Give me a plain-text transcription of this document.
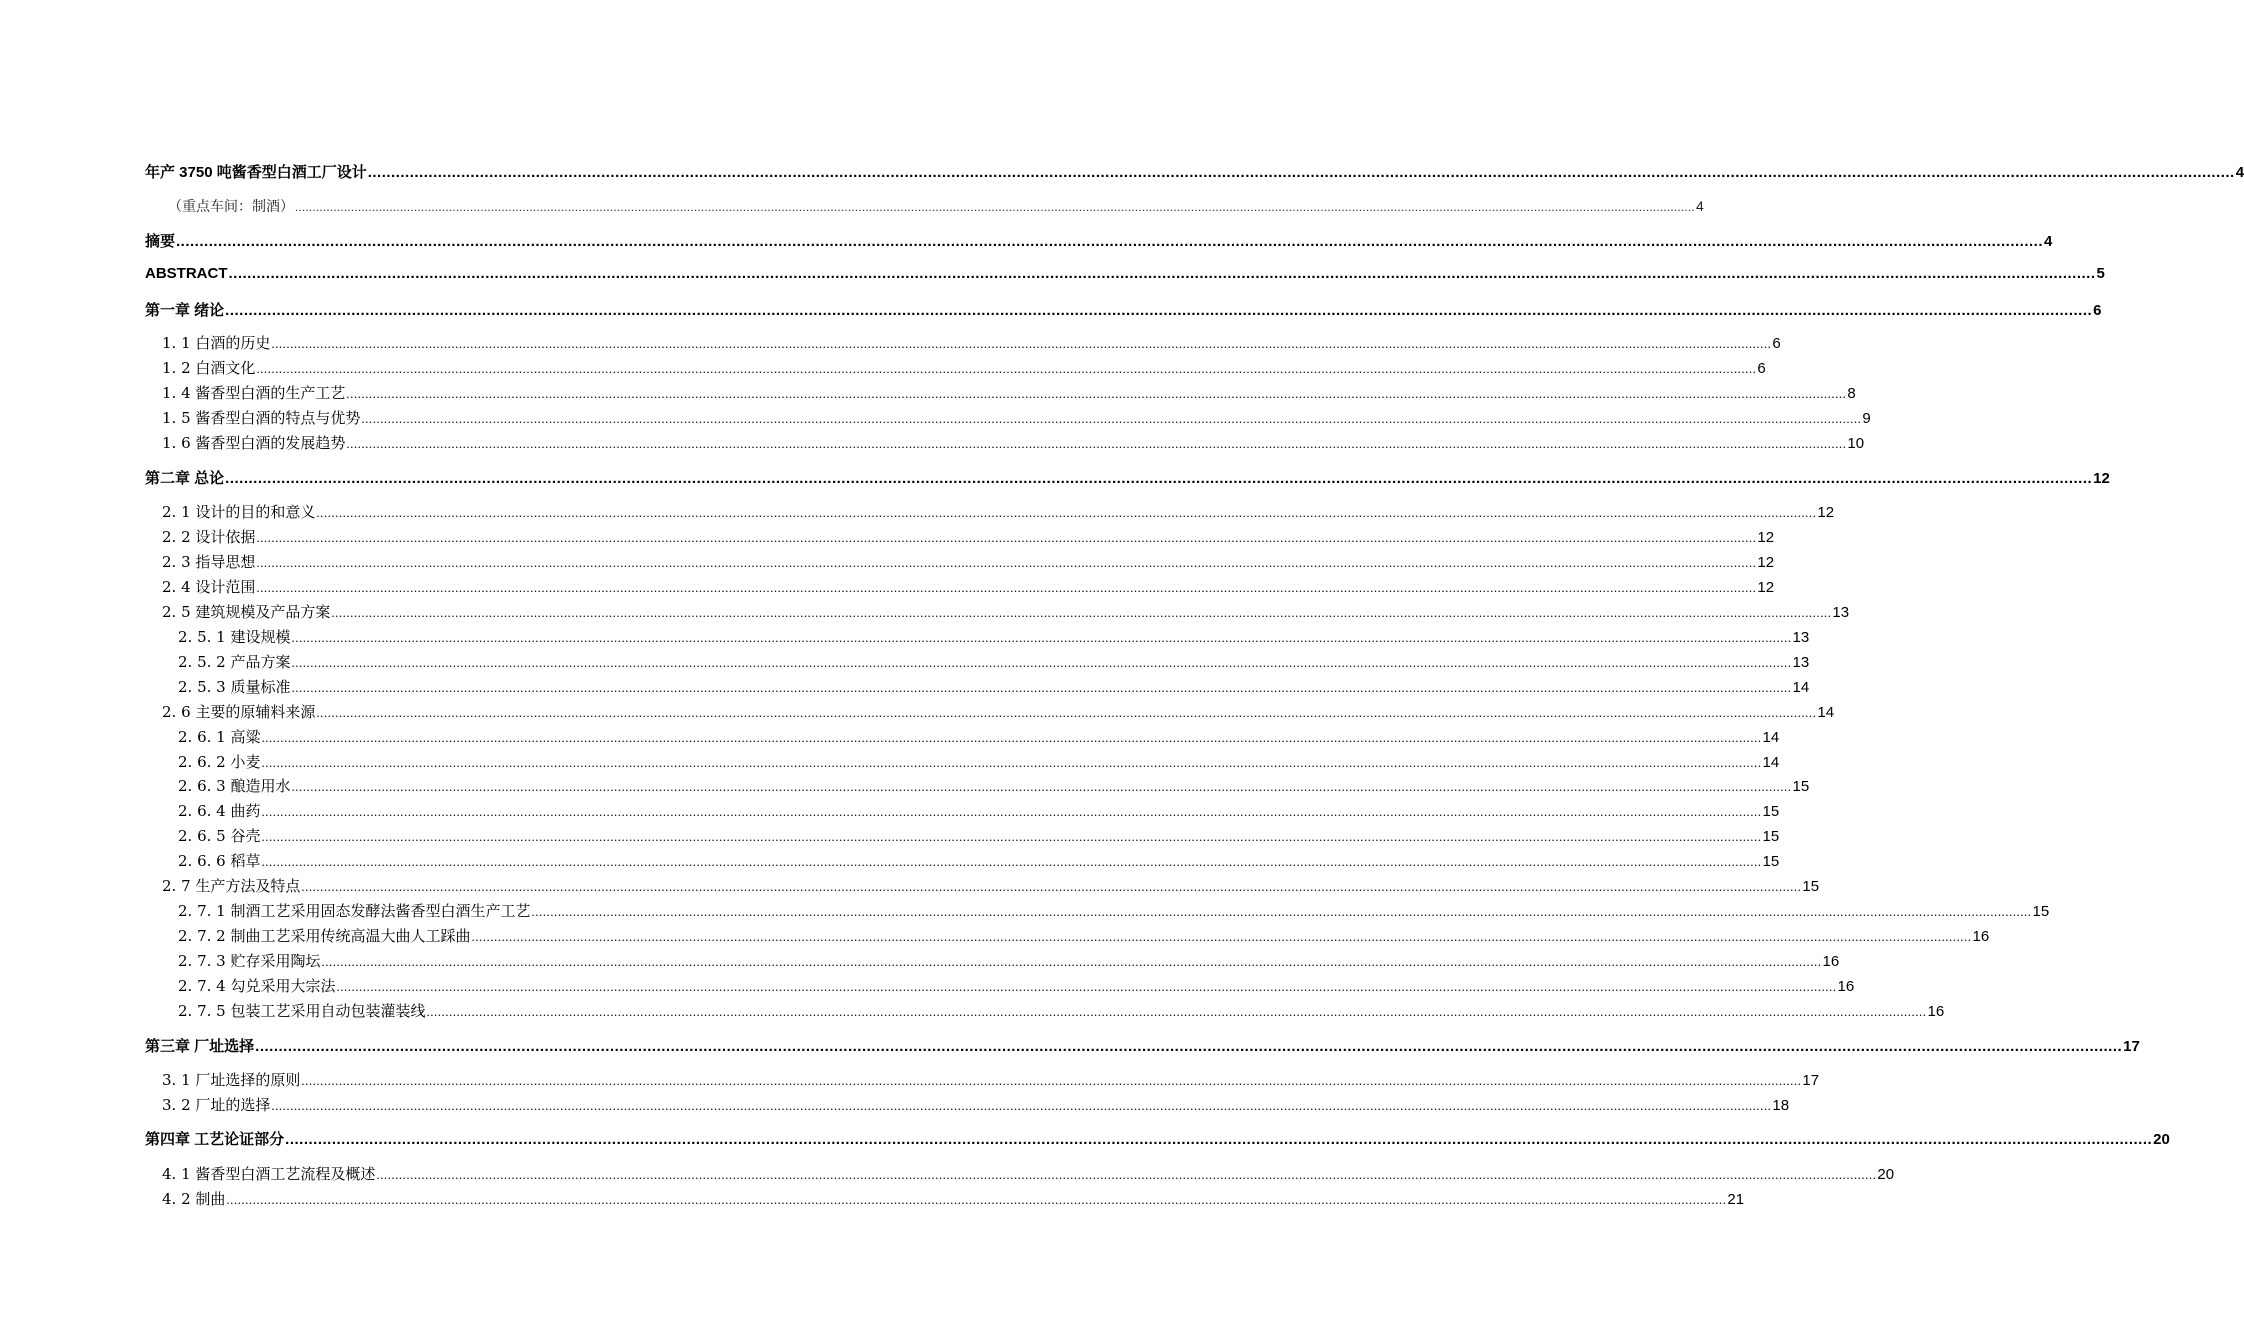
年产 3750 吨酱香型白酒工厂设计 ................................................................................................................................................................................................................................................................................................................................................................................................................ 4
（重点车间：制酒） ................................................................................................................................................................................................................................................................................................................................................................................................................ 4
摘要 ................................................................................................................................................................................................................................................................................................................................................................................................................ 4
ABSTRACT ................................................................................................................................................................................................................................................................................................................................................................................................................ 5
第一章 绪论 ................................................................................................................................................................................................................................................................................................................................................................................................................ 6
1. 1 白酒的历史 ................................................................................................................................................................................................................................................................................................................................................................................................................ 6
1. 2 白酒文化 ................................................................................................................................................................................................................................................................................................................................................................................................................ 6
1. 4 酱香型白酒的生产工艺 ................................................................................................................................................................................................................................................................................................................................................................................................................ 8
1. 5 酱香型白酒的特点与优势 ................................................................................................................................................................................................................................................................................................................................................................................................................ 9
1. 6 酱香型白酒的发展趋势 ................................................................................................................................................................................................................................................................................................................................................................................................................ 10
第二章 总论 ................................................................................................................................................................................................................................................................................................................................................................................................................ 12
2. 1 设计的目的和意义 ................................................................................................................................................................................................................................................................................................................................................................................................................ 12
2. 2 设计依据 ................................................................................................................................................................................................................................................................................................................................................................................................................ 12
2. 3 指导思想 ................................................................................................................................................................................................................................................................................................................................................................................................................ 12
2. 4 设计范围 ................................................................................................................................................................................................................................................................................................................................................................................................................ 12
2. 5 建筑规模及产品方案 ................................................................................................................................................................................................................................................................................................................................................................................................................ 13
2. 5. 1 建设规模 ................................................................................................................................................................................................................................................................................................................................................................................................................ 13
2. 5. 2 产品方案 ................................................................................................................................................................................................................................................................................................................................................................................................................ 13
2. 5. 3 质量标准 ................................................................................................................................................................................................................................................................................................................................................................................................................ 14
2. 6 主要的原辅料来源 ................................................................................................................................................................................................................................................................................................................................................................................................................ 14
2. 6. 1 高粱 ................................................................................................................................................................................................................................................................................................................................................................................................................ 14
2. 6. 2 小麦 ................................................................................................................................................................................................................................................................................................................................................................................................................ 14
2. 6. 3 酿造用水 ................................................................................................................................................................................................................................................................................................................................................................................................................ 15
2. 6. 4 曲药 ................................................................................................................................................................................................................................................................................................................................................................................................................ 15
2. 6. 5 谷壳 ................................................................................................................................................................................................................................................................................................................................................................................................................ 15
2. 6. 6 稻草 ................................................................................................................................................................................................................................................................................................................................................................................................................ 15
2. 7 生产方法及特点 ................................................................................................................................................................................................................................................................................................................................................................................................................ 15
2. 7. 1 制酒工艺采用固态发酵法酱香型白酒生产工艺 ................................................................................................................................................................................................................................................................................................................................................................................................................ 15
2. 7. 2 制曲工艺采用传统高温大曲人工踩曲 ................................................................................................................................................................................................................................................................................................................................................................................................................ 16
2. 7. 3 贮存采用陶坛 ................................................................................................................................................................................................................................................................................................................................................................................................................ 16
2. 7. 4 勾兑采用大宗法 ................................................................................................................................................................................................................................................................................................................................................................................................................ 16
2. 7. 5 包装工艺采用自动包装灌装线 ................................................................................................................................................................................................................................................................................................................................................................................................................ 16
第三章 厂址选择 ................................................................................................................................................................................................................................................................................................................................................................................................................ 17
3. 1 厂址选择的原则 ................................................................................................................................................................................................................................................................................................................................................................................................................ 17
3. 2 厂址的选择 ................................................................................................................................................................................................................................................................................................................................................................................................................ 18
第四章 工艺论证部分 ................................................................................................................................................................................................................................................................................................................................................................................................................ 20
4. 1 酱香型白酒工艺流程及概述 ................................................................................................................................................................................................................................................................................................................................................................................................................ 20
4. 2 制曲 ................................................................................................................................................................................................................................................................................................................................................................................................................ 21
